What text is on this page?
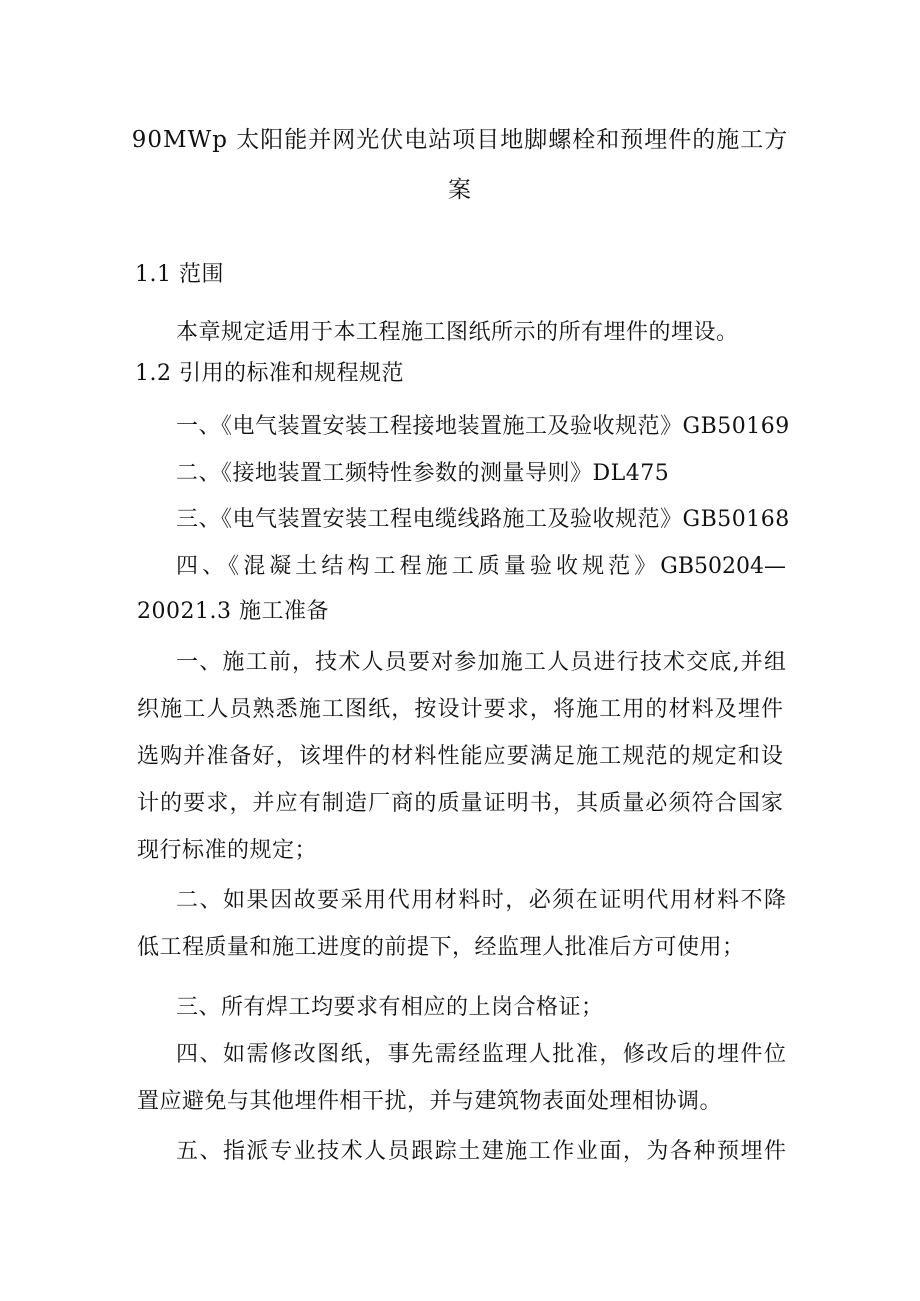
90MWp 太阳能并网光伏电站项目地脚螺栓和预埋件的施工方
案
1.1 范围
本章规定适用于本工程施工图纸所示的所有埋件的埋设。
1.2 引用的标准和规程规范
一、《电气装置安装工程接地装置施工及验收规范》GB50169
二、《接地装置工频特性参数的测量导则》DL475
三、《电气装置安装工程电缆线路施工及验收规范》GB50168
四、《混凝土结构工程施工质量验收规范》GB50204—
20021.3 施工准备
一、施工前，技术人员要对参加施工人员进行技术交底,并组
织施工人员熟悉施工图纸，按设计要求，将施工用的材料及埋件
选购并准备好，该埋件的材料性能应要满足施工规范的规定和设
计的要求，并应有制造厂商的质量证明书，其质量必须符合国家
现行标准的规定；
二、如果因故要采用代用材料时，必须在证明代用材料不降
低工程质量和施工进度的前提下，经监理人批准后方可使用；
三、所有焊工均要求有相应的上岗合格证；
四、如需修改图纸，事先需经监理人批准，修改后的埋件位
置应避免与其他埋件相干扰，并与建筑物表面处理相协调。
五、指派专业技术人员跟踪土建施工作业面，为各种预埋件
